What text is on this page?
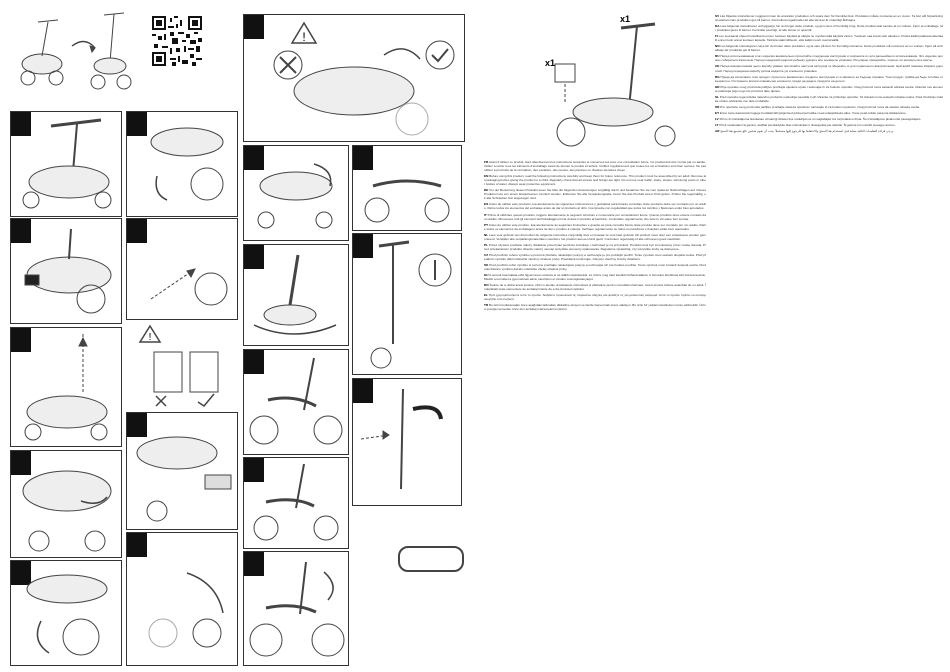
!
!

FR Avant d'utiliser ce produit, lisez attentivement les instructions suivantes et conservez-les pour une consultation future. Ce produit doit être monté par un adulte. Veillez à retirer tous les éléments d'emballage avant de donner le produit à l'enfant. Vérifiez régulièrement que toutes les vis et fixations sont bien serrées. Ne pas utiliser à proximité de la circulation, des escaliers, des pentes, des piscines ou d'autres étendues d'eau.

EN Before using this product, read the following instructions carefully and keep them for future reference. This product must be assembled by an adult. Remove all packaging before giving the product to a child. Regularly check that all screws and fixings are tight. Do not use near traffic, stairs, slopes, swimming pools or other bodies of water. Always wear protective equipment.

DE Vor der Benutzung dieses Produkts lesen Sie bitte die folgenden Anweisungen sorgfältig durch und bewahren Sie sie zum späteren Nachschlagen auf. Dieses Produkt muss von einem Erwachsenen montiert werden. Entfernen Sie alle Verpackungsteile, bevor Sie das Produkt einem Kind geben. Prüfen Sie regelmäßig, ob alle Schrauben fest angezogen sind.

ES Antes de utilizar este producto, lea atentamente las siguientes instrucciones y guárdelas para futuras consultas. Este producto debe ser montado por un adulto. Retire todos los elementos del embalaje antes de dar el producto al niño. Compruebe con regularidad que todos los tornillos y fijaciones están bien apretados.

IT Prima di utilizzare questo prodotto, leggere attentamente le seguenti istruzioni e conservarle per consultazioni future. Questo prodotto deve essere montato da un adulto. Rimuovere tutti gli elementi dell'imballaggio prima di dare il prodotto al bambino. Controllare regolarmente che tutte le viti siano ben serrate.

PT Antes de utilizar este produto, leia atentamente as seguintes instruções e guarde-as para consulta futura. Este produto deve ser montado por um adulto. Retire todos os elementos da embalagem antes de dar o produto à criança. Verifique regularmente se todos os parafusos e fixações estão bem apertados.

NL Lees voor gebruik van dit product de volgende instructies zorgvuldig door en bewaar ze voor later gebruik. Dit product moet door een volwassene worden gemonteerd. Verwijder alle verpakkingsmaterialen voordat u het product aan een kind geeft. Controleer regelmatig of alle schroeven goed vastzitten.

PL Przed użyciem produktu należy dokładnie przeczytać poniższe instrukcje i zachować je na przyszłość. Produkt musi być zmontowany przez osobę dorosłą. Przed przekazaniem produktu dziecku należy usunąć wszystkie elementy opakowania. Regularnie sprawdzaj, czy wszystkie śruby są dokręcone.

CZ Před použitím tohoto výrobku si pozorně přečtěte následující pokyny a uschovejte je pro pozdější použití. Tento výrobek musí sestavit dospělá osoba. Před předáním výrobku dítěti odstraňte všechny obalové prvky. Pravidelně kontrolujte, zda jsou všechny šrouby dotažené.

SK Pred použitím tohto výrobku si pozorne prečítajte nasledujúce pokyny a uschovajte ich pre budúce použitie. Tento výrobok musí zostaviť dospelá osoba. Pred odovzdaním výrobku dieťaťu odstráňte všetky obalové prvky.

HU A termék használata előtt figyelmesen olvassa el az alábbi utasításokat, és őrizze meg őket későbbi felhasználásra. A terméket felnőttnek kell összeszerelnie. Mielőtt a terméket a gyermeknek adná, távolítson el minden csomagolóanyagot.

RO Înainte de a utiliza acest produs, citiți cu atenție următoarele instrucțiuni și păstrați-le pentru consultări ulterioare. Acest produs trebuie asamblat de un adult. Îndepărtați toate elementele de ambalaj înainte de a da produsul copilului.

EL Πριν χρησιμοποιήσετε αυτό το προϊόν, διαβάστε προσεκτικά τις παρακάτω οδηγίες και φυλάξτε τις για μελλοντική αναφορά. Αυτό το προϊόν πρέπει να συναρμολογηθεί από ενήλικα.

TR Bu ürünü kullanmadan önce aşağıdaki talimatları dikkatlice okuyun ve ileride başvurmak üzere saklayın. Bu ürün bir yetişkin tarafından monte edilmelidir. Ürünü çocuğa vermeden önce tüm ambalaj malzemelerini çıkarın.

x1
x1

SV Läs följande instruktioner noggrant innan du använder produkten och spara dem för framtida bruk. Produkten måste monteras av en vuxen. Ta bort allt förpackningsmaterial innan produkten ges till barnet. Kontrollera regelbundet att alla skruvar är ordentligt åtdragna.

DA Læs følgende instruktioner omhyggeligt, før du bruger dette produkt, og gem dem til fremtidig brug. Dette produkt skal samles af en voksen. Fjern al emballage, før produktet gives til barnet. Kontroller jævnligt, at alle skruer er spændt.

FI Lue seuraavat ohjeet huolellisesti ennen tuotteen käyttöä ja säilytä ne myöhempää käyttöä varten. Tuotteen saa koota vain aikuinen. Poista kaikki pakkausmateriaalit ennen kuin annat tuotteen lapselle. Tarkista säännöllisesti, että kaikki ruuvit ovat kireällä.

NO Les følgende instruksjoner nøye før du bruker dette produktet, og ta vare på dem for fremtidig referanse. Dette produktet må monteres av en voksen. Fjern all emballasje før produktet gis til barnet.

RU Перед использованием этого изделия внимательно прочитайте следующие инструкции и сохраните их для дальнейшего использования. Это изделие должно собираться взрослым. Перед передачей изделия ребенку удалите все элементы упаковки. Регулярно проверяйте, хорошо ли затянуты все винты.

UK Перед використанням цього виробу уважно прочитайте наступні інструкції та збережіть їх для подальшого використання. Цей виріб повинен збирати дорослий. Перед передачею виробу дитині видаліть усі елементи упаковки.

BG Преди да използвате този продукт, прочетете внимателно следните инструкции и ги запазете за бъдещи справки. Този продукт трябва да бъде сглобен от възрастен. Отстранете всички опаковъчни елементи, преди да дадете продукта на детето.

HR Prije uporabe ovog proizvoda pažljivo pročitajte sljedeće upute i sačuvajte ih za buduću uporabu. Ovaj proizvod mora sastaviti odrasla osoba. Uklonite sve elemente pakiranja prije nego što proizvod date djetetu.

SL Pred uporabo tega izdelka natančno preberite naslednja navodila in jih shranite za prihodnjo uporabo. Ta izdelek mora sestaviti odrasla oseba. Pred izročitvijo izdelka otroku odstranite vse dele embalaže.

SR Pre upotrebe ovog proizvoda pažljivo pročitajte sledeća uputstva i sačuvajte ih za buduću upotrebu. Ovaj proizvod mora da sastavi odrasla osoba.

ET Enne toote kasutamist lugege hoolikalt läbi järgmised juhised ja hoidke need edaspidiseks alles. Toote peab kokku panema täiskasvanu.

LV Pirms šī izstrādājuma lietošanas uzmanīgi izlasiet šos norādījumus un saglabājiet tos turpmākai uzziņai. Šo izstrādājumu jāsamontē pieaugušajam.

LT Prieš naudodami šį gaminį, atidžiai perskaitykite šias instrukcijas ir išsaugokite jas ateičiai. Šį gaminį turi surinkti suaugęs asmuo.

AR يرجى قراءة التعليمات التالية بعناية قبل استخدام هذا المنتج والاحتفاظ بها للرجوع إليها مستقبلاً. يجب أن يقوم شخص بالغ بتجميع هذا المنتج.
